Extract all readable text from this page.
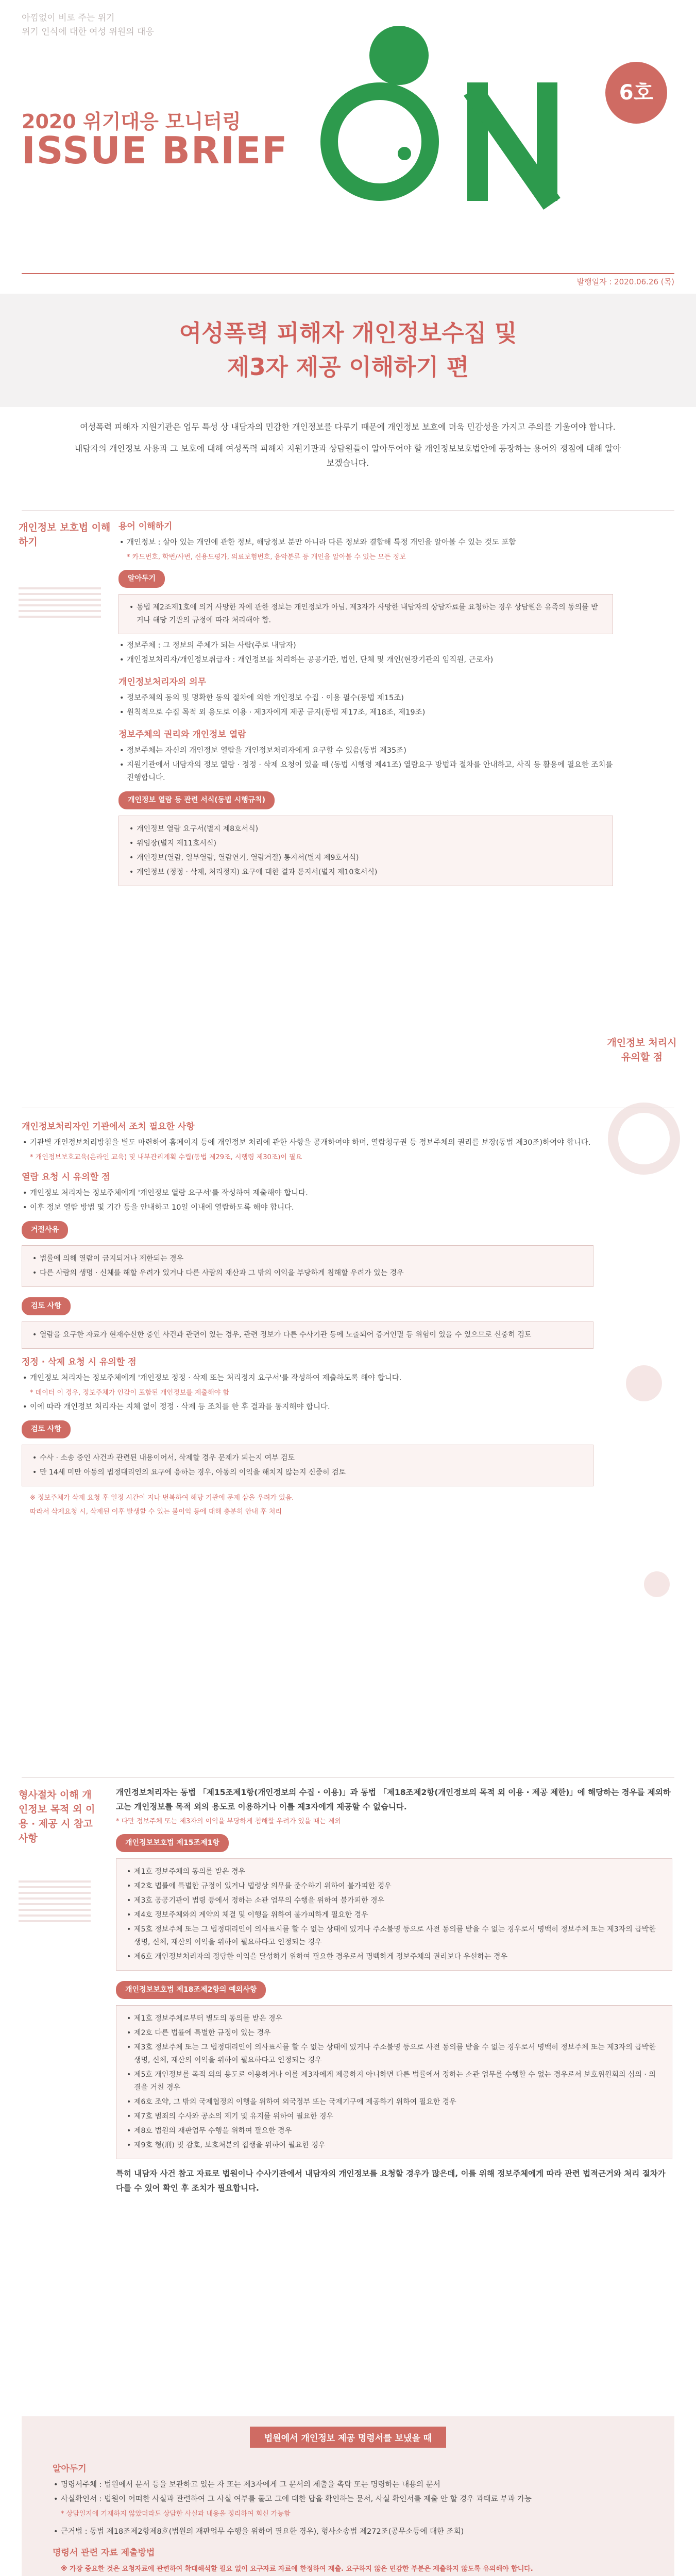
아낌없이 비로 주는 위기
위기 인식에 대한 여성 위원의 대응
2020 위기대응 모니터링
ISSUE BRIEF
6호
발행일자 : 2020.06.26 (목)
여성폭력 피해자 개인정보수집 및
제3자 제공 이해하기 편

여성폭력 피해자 지원기관은 업무 특성 상 내담자의 민감한 개인정보를 다루기 때문에 개인정보 보호에 더욱 민감성을 가지고 주의를 기울여야 합니다.

내담자의 개인정보 사용과 그 보호에 대해 여성폭력 피해자 지원기관과 상담원들이 알아두어야 할 개인정보보호법안에 등장하는 용어와 쟁점에 대해 알아보겠습니다.

개인정보 보호법 이해하기
용어 이해하기
• 개인정보 : 살아 있는 개인에 관한 정보, 해당정보 분만 아니라 다른 정보와 결합해 특정 개인을 알아볼 수 있는 것도 포함
* 카드번호, 학번/사번, 신용도평가, 의료보험번호, 음악분류 등 개인을 알아볼 수 있는 모든 정보
알아두기
• 동법 제2조제1호에 의거 사망한 자에 관한 정보는 개인정보가 아님. 제3자가 사망한 내담자의 상담자료를 요청하는 경우 상담원은 유족의 동의를 받거나 해당 기관의 규정에 따라 처리해야 함.
• 정보주체 : 그 정보의 주체가 되는 사람(주로 내담자)
• 개인정보처리자/개인정보취급자 : 개인정보를 처리하는 공공기관, 법인, 단체 및 개인(현장기관의 임직원, 근로자)
개인정보처리자의 의무
• 정보주체의 동의 및 명확한 동의 절차에 의한 개인정보 수집 · 이용 필수(동법 제15조)
• 원칙적으로 수집 목적 외 용도로 이용 · 제3자에게 제공 금지(동법 제17조, 제18조, 제19조)
정보주체의 권리와 개인정보 열람
• 정보주체는 자신의 개인정보 열람을 개인정보처리자에게 요구할 수 있음(동법 제35조)
• 지원기관에서 내담자의 정보 열람 · 정정 · 삭제 요청이 있을 때 (동법 시행령 제41조) 열람요구 방법과 절차를 안내하고, 사직 등 활용에 필요한 조치를 진행합니다.
개인정보 열람 등 관련 서식(동법 시행규칙)
• 개인정보 열람 요구서(별지 제8호서식)
• 위임장(별지 제11호서식)
• 개인정보(열람, 일부열람, 열람연기, 열람거절) 통지서(별지 제9호서식)
• 개인정보 (정정 · 삭제, 처리정지) 요구에 대한 결과 통지서(별지 제10호서식)
개인정보 처리시 유의할 점
개인정보처리자인 기관에서 조치 필요한 사항
• 기관별 개인정보처리방침을 별도 마련하여 홈페이지 등에 개인정보 처리에 관한 사항을 공개하여야 하며, 열람청구권 등 정보주체의 권리를 보장(동법 제30조)하여야 합니다.
* 개인정보보호교육(온라인 교육) 및 내부관리계획 수립(동법 제29조, 시행령 제30조)이 필요
열람 요청 시 유의할 점
• 개인정보 처리자는 정보주체에게 '개인정보 열람 요구서'를 작성하여 제출해야 합니다.
• 이후 정보 열람 방법 및 기간 등을 안내하고 10일 이내에 열람하도록 해야 합니다.
거절사유
• 법률에 의해 열람이 금지되거나 제한되는 경우
• 다른 사람의 생명 · 신체를 해할 우려가 있거나 다른 사람의 재산과 그 밖의 이익을 부당하게 침해할 우려가 있는 경우
검토 사항
• 열람을 요구한 자료가 현재수신한 중인 사건과 관련이 있는 경우, 관련 정보가 다른 수사기관 등에 노출되어 증거인멸 등 위험이 있을 수 있으므로 신중히 검토
정정 · 삭제 요청 시 유의할 점
• 개인정보 처리자는 정보주체에게 '개인정보 정정 · 삭제 또는 처리정지 요구서'를 작성하여 제출하도록 해야 합니다.
* 데이터 이 경우, 정보주체가 인감이 포함된 개인정보를 제출해야 함
• 이에 따라 개인정보 처리자는 지체 없이 정정 · 삭제 등 조치를 한 후 결과를 통지해야 합니다.
검토 사항
• 수사 · 소송 중인 사건과 관련된 내용이어서, 삭제할 경우 문제가 되는지 여부 검토
• 만 14세 미만 아동의 법정대리인의 요구에 응하는 경우, 아동의 이익을 해치지 않는지 신중히 검토
※ 정보주체가 삭제 요청 후 일정 시간이 지나 번복하여 해당 기관에 문제 삼을 우려가 있음.
따라서 삭제요청 시, 삭제된 이후 발생할 수 있는 불이익 등에 대해 충분히 안내 후 처리
형사절차 이해 개인정보 목적 외 이용 · 제공 시 참고사항
개인정보처리자는 동법 「제15조제1항(개인정보의 수집 · 이용)」과 동법 「제18조제2항(개인정보의 목적 외 이용 · 제공 제한)」에 해당하는 경우를 제외하고는 개인정보를 목적 외의 용도로 이용하거나 이를 제3자에게 제공할 수 없습니다.
* 다만 정보주체 또는 제3자의 이익을 부당하게 침해할 우려가 있을 때는 제외
개인정보보호법 제15조제1항
• 제1호 정보주체의 동의를 받은 경우
• 제2호 법률에 특별한 규정이 있거나 법령상 의무를 준수하기 위하여 불가피한 경우
• 제3호 공공기관이 법령 등에서 정하는 소관 업무의 수행을 위하여 불가피한 경우
• 제4호 정보주체와의 계약의 체결 및 이행을 위하여 불가피하게 필요한 경우
• 제5호 정보주체 또는 그 법정대리인이 의사표시를 할 수 없는 상태에 있거나 주소불명 등으로 사전 동의를 받을 수 없는 경우로서 명백히 정보주체 또는 제3자의 급박한 생명, 신체, 재산의 이익을 위하여 필요하다고 인정되는 경우
• 제6호 개인정보처리자의 정당한 이익을 달성하기 위하여 필요한 경우로서 명백하게 정보주체의 권리보다 우선하는 경우
개인정보보호법 제18조제2항의 예외사항
• 제1호 정보주체로부터 별도의 동의를 받은 경우
• 제2호 다른 법률에 특별한 규정이 있는 경우
• 제3호 정보주체 또는 그 법정대리인이 의사표시를 할 수 없는 상태에 있거나 주소불명 등으로 사전 동의를 받을 수 없는 경우로서 명백히 정보주체 또는 제3자의 급박한 생명, 신체, 재산의 이익을 위하여 필요하다고 인정되는 경우
• 제5호 개인정보를 목적 외의 용도로 이용하거나 이를 제3자에게 제공하지 아니하면 다른 법률에서 정하는 소관 업무를 수행할 수 없는 경우로서 보호위원회의 심의 · 의결을 거친 경우
• 제6호 조약, 그 밖의 국제협정의 이행을 위하여 외국정부 또는 국제기구에 제공하기 위하여 필요한 경우
• 제7호 범죄의 수사와 공소의 제기 및 유지를 위하여 필요한 경우
• 제8호 법원의 재판업무 수행을 위하여 필요한 경우
• 제9호 형(刑) 및 감호, 보호처분의 집행을 위하여 필요한 경우
특히 내담자 사건 참고 자료로 법원이나 수사기관에서 내담자의 개인정보를 요청할 경우가 많은데, 이를 위해 정보주체에게 따라 관련 법적근거와 처리 절차가 다를 수 있어 확인 후 조치가 필요합니다.
법원에서 개인정보 제공 명령서를 보냈을 때
알아두기
• 명령서주체 : 법원에서 문서 등을 보관하고 있는 자 또는 제3자에게 그 문서의 제출을 촉탁 또는 명령하는 내용의 문서
• 사실확인서 : 법원이 어떠한 사실과 관련하여 그 사실 여부를 물고 그에 대한 답을 확인하는 문서, 사실 확인서를 제출 안 할 경우 과태료 부과 가능
* 상담일지에 기재하지 않았더라도 상담한 사실과 내용을 정리하여 회신 가능함
• 근거법 : 동법 제18조제2항제8호(법원의 재판업무 수행을 위하여 필요한 경우), 형사소송법 제272조(공무소등에 대한 조회)
명령서 관련 자료 제출방법
※ 가장 중요한 것은 요청자료에 관련하여 확대해석할 필요 없이 요구자료 자료에 한정하여 제출. 요구하지 않은 민감한 부분은 제출하지 않도록 유의해야 합니다.
